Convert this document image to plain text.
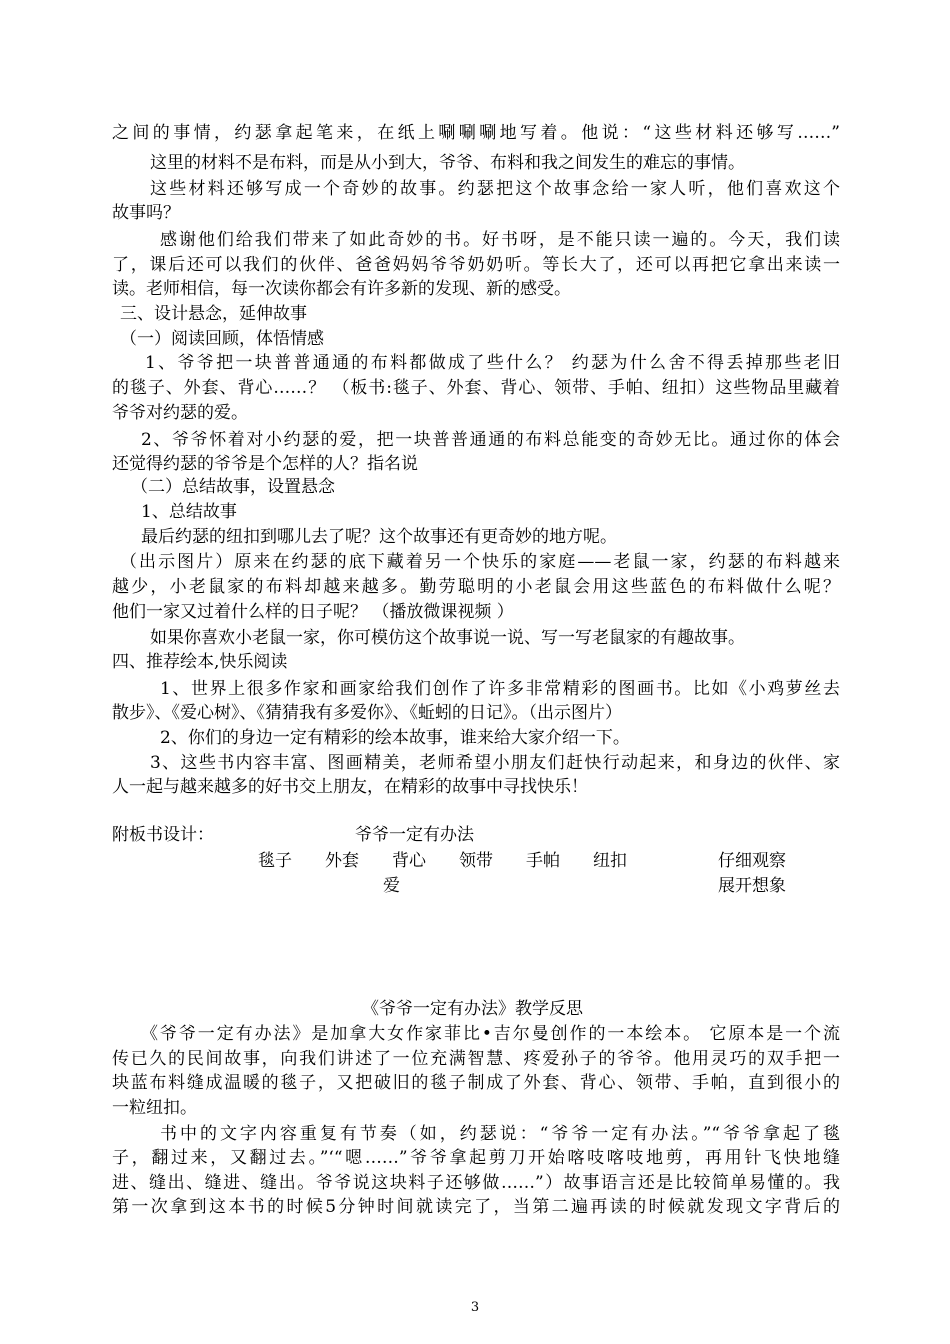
之间的事情，约瑟拿起笔来，在纸上唰唰唰地写着。他说：“这些材料还够写……”
这里的材料不是布料，而是从小到大，爷爷、布料和我之间发生的难忘的事情。
这些材料还够写成一个奇妙的故事。约瑟把这个故事念给一家人听，他们喜欢这个
故事吗？
感谢他们给我们带来了如此奇妙的书。好书呀，是不能只读一遍的。今天，我们读
了，课后还可以我们的伙伴、爸爸妈妈爷爷奶奶听。等长大了，还可以再把它拿出来读一
读。老师相信，每一次读你都会有许多新的发现、新的感受。
三、设计悬念，延伸故事
（一）阅读回顾，体悟情感
1、爷爷把一块普普通通的布料都做成了些什么？ 约瑟为什么舍不得丢掉那些老旧
的毯子、外套、背心……？ （板书:毯子、外套、背心、领带、手帕、纽扣）这些物品里藏着
爷爷对约瑟的爱。
2、爷爷怀着对小约瑟的爱，把一块普普通通的布料总能变的奇妙无比。通过你的体会
还觉得约瑟的爷爷是个怎样的人？指名说
（二）总结故事，设置悬念
1、总结故事
最后约瑟的纽扣到哪儿去了呢？这个故事还有更奇妙的地方呢。
（出示图片）原来在约瑟的底下藏着另一个快乐的家庭——老鼠一家，约瑟的布料越来
越少，小老鼠家的布料却越来越多。勤劳聪明的小老鼠会用这些蓝色的布料做什么呢？
他们一家又过着什么样的日子呢？ （播放微课视频 ）
如果你喜欢小老鼠一家，你可模仿这个故事说一说、写一写老鼠家的有趣故事。
四、推荐绘本,快乐阅读
1、世界上很多作家和画家给我们创作了许多非常精彩的图画书。比如《小鸡萝丝去
散步》、《爱心树》、《猜猜我有多爱你》、《蚯蚓的日记》。（出示图片）
2、你们的身边一定有精彩的绘本故事，谁来给大家介绍一下。
3、这些书内容丰富、图画精美，老师希望小朋友们赶快行动起来，和身边的伙伴、家
人一起与越来越多的好书交上朋友，在精彩的故事中寻找快乐！
附板书设计：	爷爷一定有办法
毯子 外套 背心 领带 手帕 纽扣	仔细观察
爱	展开想象
《爷爷一定有办法》教学反思
《爷爷一定有办法》是加拿大女作家菲比•吉尔曼创作的一本绘本。 它原本是一个流
传已久的民间故事，向我们讲述了一位充满智慧、疼爱孙子的爷爷。他用灵巧的双手把一
块蓝布料缝成温暖的毯子，又把破旧的毯子制成了外套、背心、领带、手帕，直到很小的
一粒纽扣。
书中的文字内容重复有节奏（如，约瑟说：“爷爷一定有办法。”“爷爷拿起了毯
子，翻过来，又翻过去。”‘“嗯……”爷爷拿起剪刀开始喀吱喀吱地剪，再用针飞快地缝
进、缝出、缝进、缝出。爷爷说这块料子还够做……”）故事语言还是比较简单易懂的。我
第一次拿到这本书的时候5分钟时间就读完了，当第二遍再读的时候就发现文字背后的
3
